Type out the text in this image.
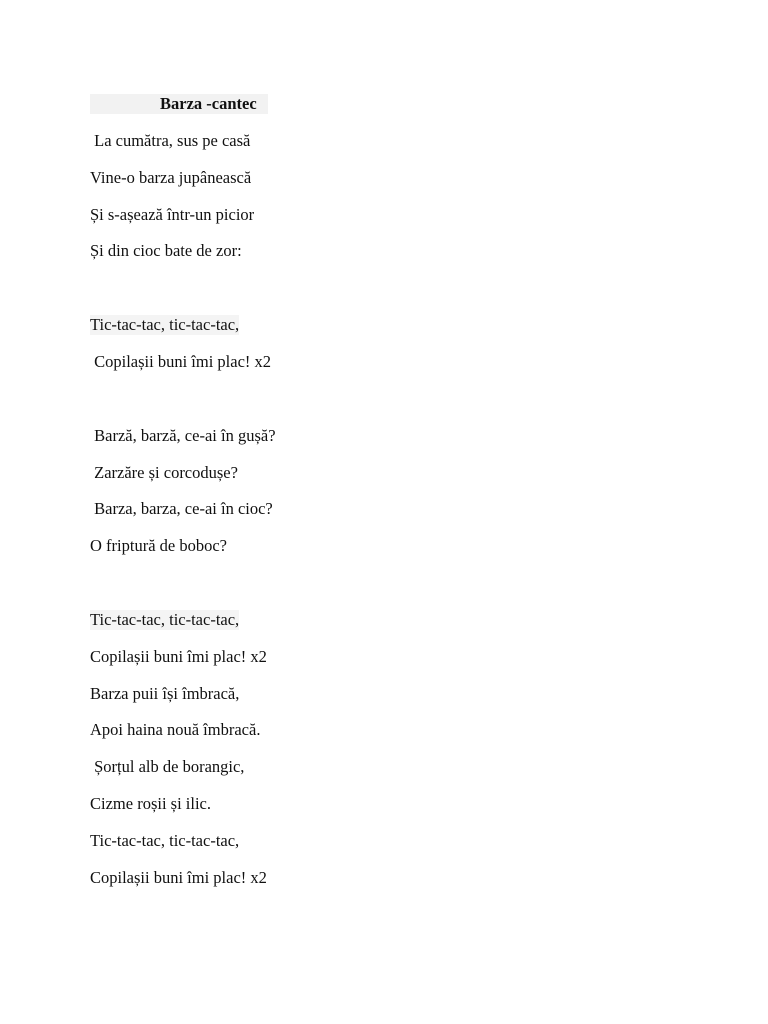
Barza -cantec
La cumătra, sus pe casă
Vine-o barza jupânească
Și s-așează într-un picior
Și din cioc bate de zor:
Tic-tac-tac, tic-tac-tac,
Copilașii buni îmi plac! x2
Barză, barză, ce-ai în gușă?
Zarzăre și corcodușe?
Barza, barza, ce-ai în cioc?
O friptură de boboc?
Tic-tac-tac, tic-tac-tac,
Copilașii buni îmi plac! x2
Barza puii își îmbracă,
Apoi haina nouă îmbracă.
Șorțul alb de borangic,
Cizme roșii și ilic.
Tic-tac-tac, tic-tac-tac,
Copilașii buni îmi plac! x2
